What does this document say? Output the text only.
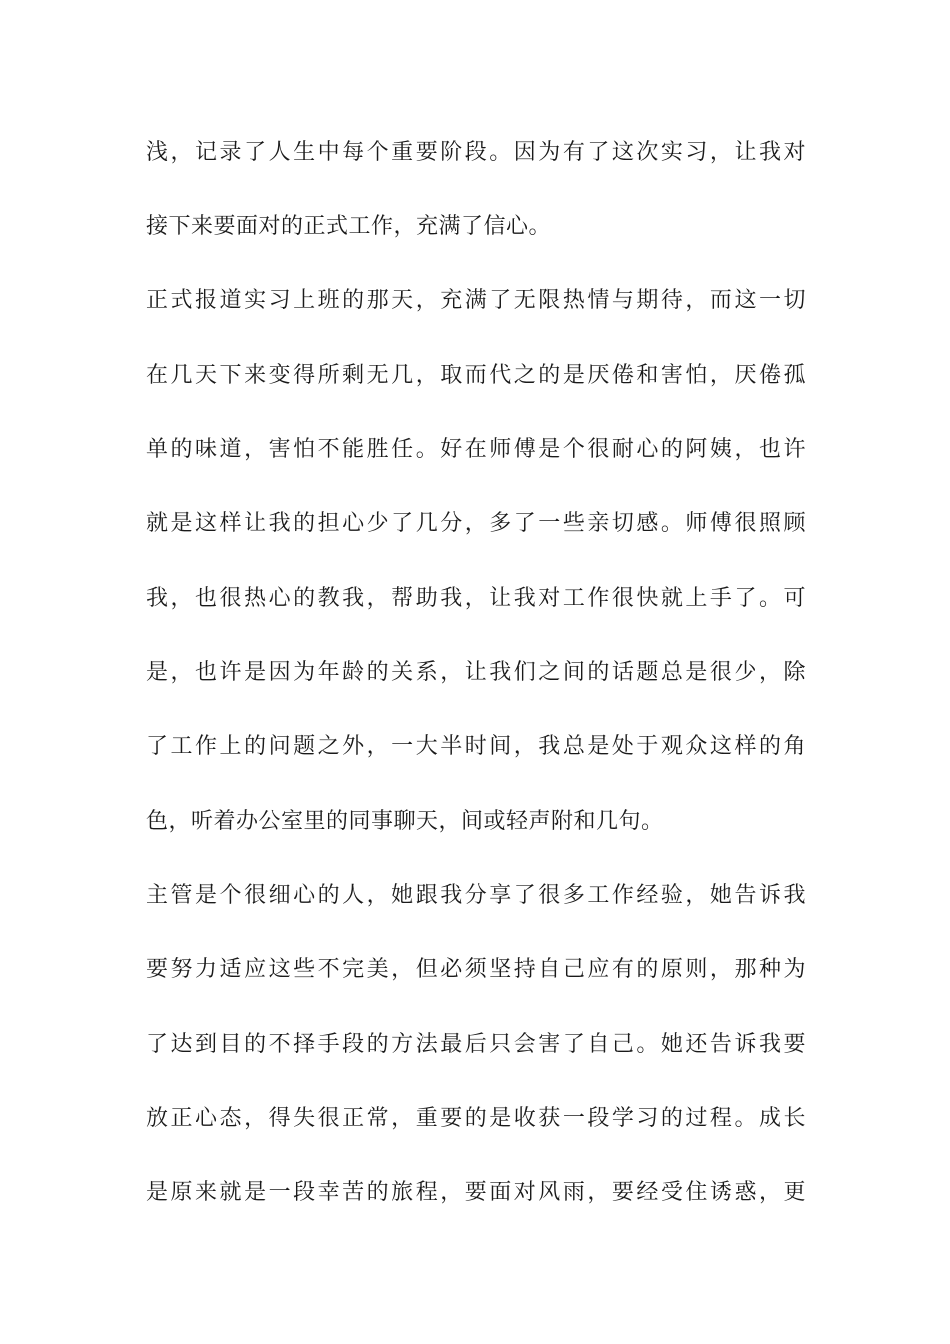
浅，记录了人生中每个重要阶段。因为有了这次实习，让我对
接下来要面对的正式工作，充满了信心。
正式报道实习上班的那天，充满了无限热情与期待，而这一切
在几天下来变得所剩无几，取而代之的是厌倦和害怕，厌倦孤
单的味道，害怕不能胜任。好在师傅是个很耐心的阿姨，也许
就是这样让我的担心少了几分，多了一些亲切感。师傅很照顾
我，也很热心的教我，帮助我，让我对工作很快就上手了。可
是，也许是因为年龄的关系，让我们之间的话题总是很少，除
了工作上的问题之外，一大半时间，我总是处于观众这样的角
色，听着办公室里的同事聊天，间或轻声附和几句。
主管是个很细心的人，她跟我分享了很多工作经验，她告诉我
要努力适应这些不完美，但必须坚持自己应有的原则，那种为
了达到目的不择手段的方法最后只会害了自己。她还告诉我要
放正心态，得失很正常，重要的是收获一段学习的过程。成长
是原来就是一段幸苦的旅程，要面对风雨，要经受住诱惑，更
